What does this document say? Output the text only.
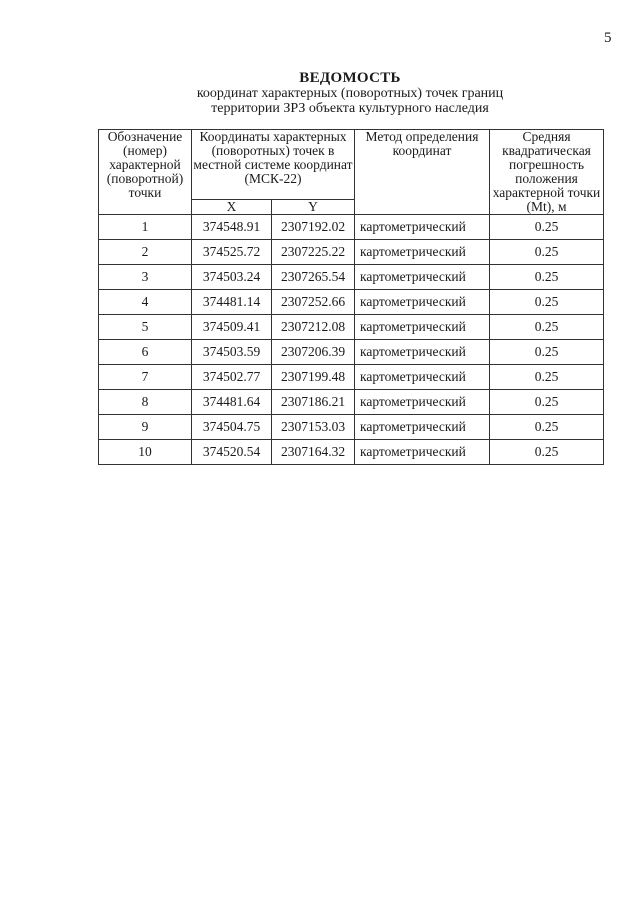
5
ВЕДОМОСТЬ
координат характерных (поворотных) точек границ
территории ЗРЗ объекта культурного наследия
Обозначение (номер) характерной (поворотной) точки	Координаты характерных (поворотных) точек в местной системе координат (МСК-22)		Метод определения координат	Средняя квадратическая погрешность положения характерной точки (Mt), м
	X	Y		
1	374548.91	2307192.02	картометрический	0.25
2	374525.72	2307225.22	картометрический	0.25
3	374503.24	2307265.54	картометрический	0.25
4	374481.14	2307252.66	картометрический	0.25
5	374509.41	2307212.08	картометрический	0.25
6	374503.59	2307206.39	картометрический	0.25
7	374502.77	2307199.48	картометрический	0.25
8	374481.64	2307186.21	картометрический	0.25
9	374504.75	2307153.03	картометрический	0.25
10	374520.54	2307164.32	картометрический	0.25
